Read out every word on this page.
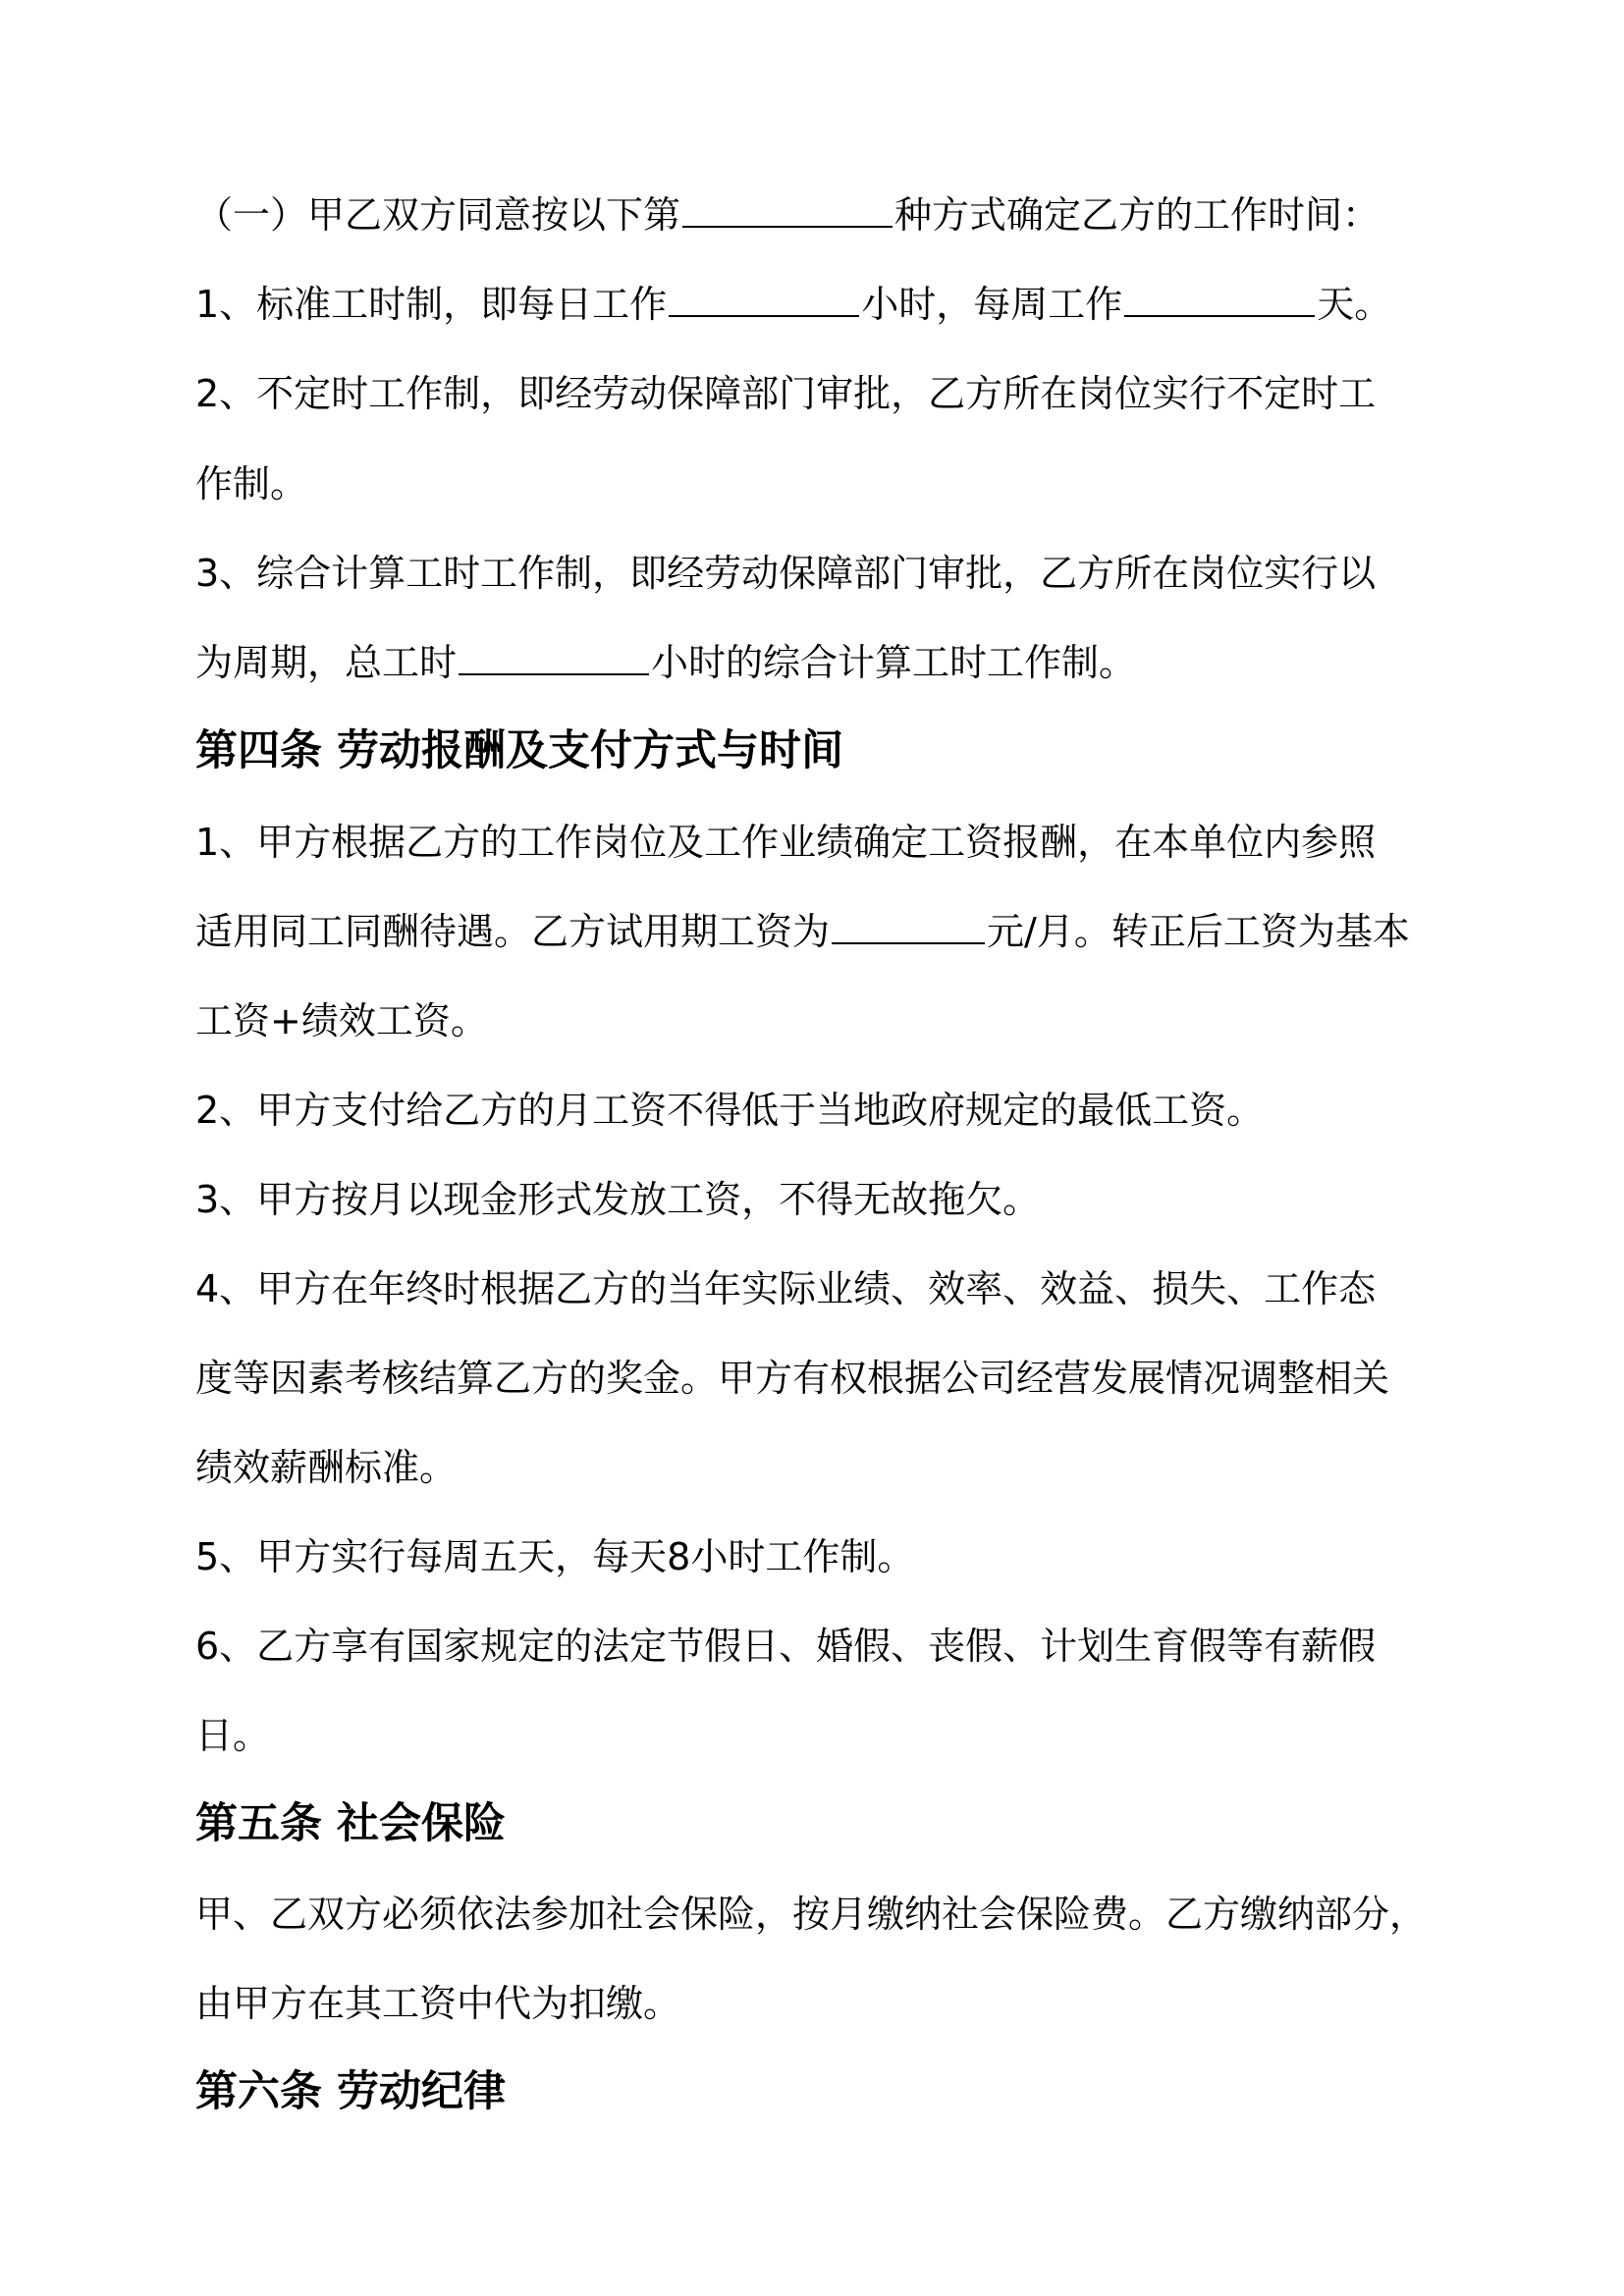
（一）甲乙双方同意按以下第	种方式确定乙方的工作时间：
1、标准工时制，即每日工作	小时，每周工作	天。
2、不定时工作制，即经劳动保障部门审批，乙方所在岗位实行不定时工
作制。
3、综合计算工时工作制，即经劳动保障部门审批，乙方所在岗位实行以
为周期，总工时	小时的综合计算工时工作制。
第四条 劳动报酬及支付方式与时间
1、甲方根据乙方的工作岗位及工作业绩确定工资报酬，在本单位内参照
适用同工同酬待遇。乙方试用期工资为	元/月。转正后工资为基本
工资+绩效工资。
2、甲方支付给乙方的月工资不得低于当地政府规定的最低工资。
3、甲方按月以现金形式发放工资，不得无故拖欠。
4、甲方在年终时根据乙方的当年实际业绩、效率、效益、损失、工作态
度等因素考核结算乙方的奖金。甲方有权根据公司经营发展情况调整相关
绩效薪酬标准。
5、甲方实行每周五天，每天8小时工作制。
6、乙方享有国家规定的法定节假日、婚假、丧假、计划生育假等有薪假
日。
第五条 社会保险
甲、乙双方必须依法参加社会保险，按月缴纳社会保险费。乙方缴纳部分，
由甲方在其工资中代为扣缴。
第六条 劳动纪律
